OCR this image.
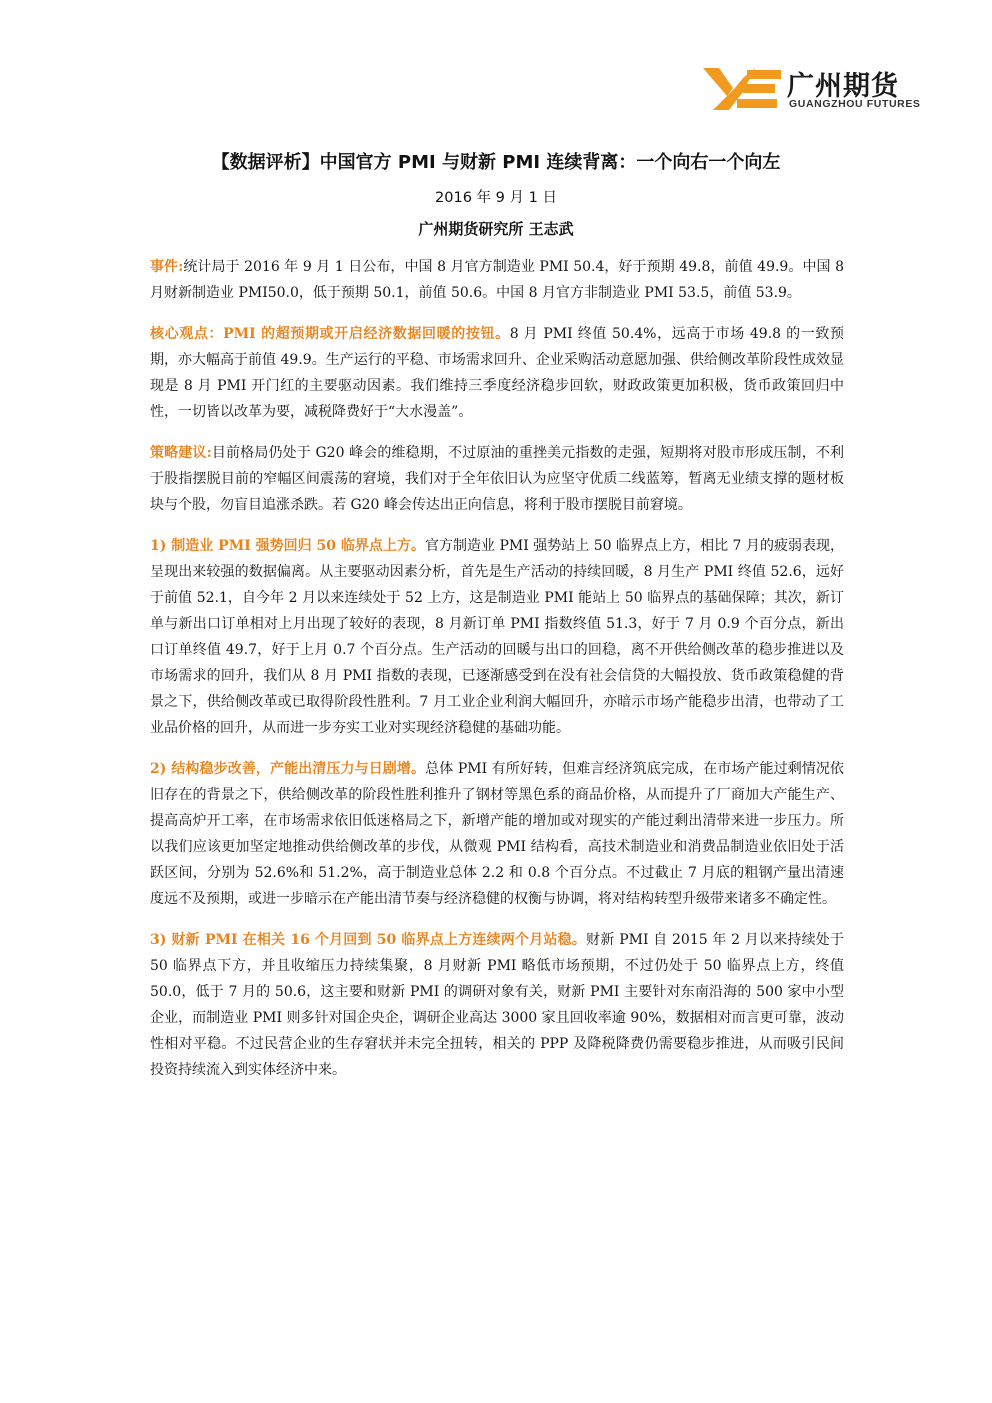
广州期货
GUANGZHOU FUTURES
【数据评析】中国官方 PMI 与财新 PMI 连续背离：一个向右一个向左
2016 年 9 月 1 日
广州期货研究所 王志武

事件:统计局于 2016 年 9 月 1 日公布，中国 8 月官方制造业 PMI 50.4，好于预期 49.8，前值 49.9。中国 8 月财新制造业 PMI50.0，低于预期 50.1，前值 50.6。中国 8 月官方非制造业 PMI 53.5，前值 53.9。

核心观点：PMI 的超预期或开启经济数据回暖的按钮。8 月 PMI 终值 50.4%，远高于市场 49.8 的一致预期，亦大幅高于前值 49.9。生产运行的平稳、市场需求回升、企业采购活动意愿加强、供给侧改革阶段性成效显现是 8 月 PMI 开门红的主要驱动因素。我们维持三季度经济稳步回软，财政政策更加积极，货币政策回归中性，一切皆以改革为要，减税降费好于“大水漫盖”。

策略建议:目前格局仍处于 G20 峰会的维稳期，不过原油的重挫美元指数的走强，短期将对股市形成压制，不利于股指摆脱目前的窄幅区间震荡的窘境，我们对于全年依旧认为应坚守优质二线蓝筹，暂离无业绩支撑的题材板块与个股，勿盲目追涨杀跌。若 G20 峰会传达出正向信息，将利于股市摆脱目前窘境。

1) 制造业 PMI 强势回归 50 临界点上方。官方制造业 PMI 强势站上 50 临界点上方，相比 7 月的疲弱表现，呈现出来较强的数据偏离。从主要驱动因素分析，首先是生产活动的持续回暖，8 月生产 PMI 终值 52.6，远好于前值 52.1，自今年 2 月以来连续处于 52 上方，这是制造业 PMI 能站上 50 临界点的基础保障；其次，新订单与新出口订单相对上月出现了较好的表现，8 月新订单 PMI 指数终值 51.3，好于 7 月 0.9 个百分点，新出口订单终值 49.7，好于上月 0.7 个百分点。生产活动的回暖与出口的回稳，离不开供给侧改革的稳步推进以及市场需求的回升，我们从 8 月 PMI 指数的表现，已逐渐感受到在没有社会信贷的大幅投放、货币政策稳健的背景之下，供给侧改革或已取得阶段性胜利。7 月工业企业利润大幅回升，亦暗示市场产能稳步出清，也带动了工业品价格的回升，从而进一步夯实工业对实现经济稳健的基础功能。

2) 结构稳步改善，产能出清压力与日剧增。总体 PMI 有所好转，但难言经济筑底完成，在市场产能过剩情况依旧存在的背景之下，供给侧改革的阶段性胜利推升了钢材等黑色系的商品价格，从而提升了厂商加大产能生产、提高高炉开工率，在市场需求依旧低迷格局之下，新增产能的增加或对现实的产能过剩出清带来进一步压力。所以我们应该更加坚定地推动供给侧改革的步伐，从微观 PMI 结构看，高技术制造业和消费品制造业依旧处于活跃区间，分别为 52.6%和 51.2%，高于制造业总体 2.2 和 0.8 个百分点。不过截止 7 月底的粗钢产量出清速度远不及预期，或进一步暗示在产能出清节奏与经济稳健的权衡与协调，将对结构转型升级带来诸多不确定性。

3) 财新 PMI 在相关 16 个月回到 50 临界点上方连续两个月站稳。财新 PMI 自 2015 年 2 月以来持续处于 50 临界点下方，并且收缩压力持续集聚，8 月财新 PMI 略低市场预期，不过仍处于 50 临界点上方，终值 50.0，低于 7 月的 50.6，这主要和财新 PMI 的调研对象有关，财新 PMI 主要针对东南沿海的 500 家中小型企业，而制造业 PMI 则多针对国企央企，调研企业高达 3000 家且回收率逾 90%，数据相对而言更可靠，波动性相对平稳。不过民营企业的生存窘状并未完全扭转，相关的 PPP 及降税降费仍需要稳步推进，从而吸引民间投资持续流入到实体经济中来。
